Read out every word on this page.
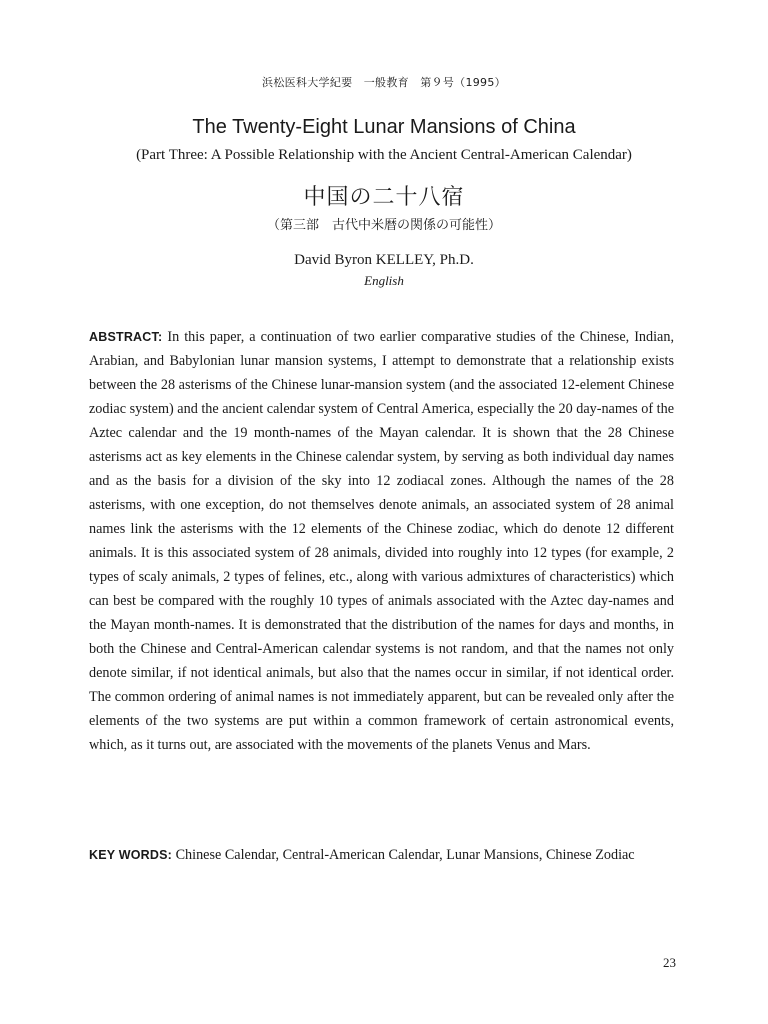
浜松医科大学紀要　一般教育　第９号（1995）
The Twenty-Eight Lunar Mansions of China
(Part Three: A Possible Relationship with the Ancient Central-American Calendar)
中国の二十八宿
（第三部　古代中米暦の関係の可能性）
David Byron KELLEY, Ph.D.
English

ABSTRACT: In this paper, a continuation of two earlier comparative studies of the Chinese, Indian, Arabian, and Babylonian lunar mansion systems, I attempt to demonstrate that a relationship exists between the 28 asterisms of the Chinese lunar-mansion system (and the associated 12-element Chinese zodiac system) and the ancient calendar system of Central America, especially the 20 day-names of the Aztec calendar and the 19 month-names of the Mayan calendar. It is shown that the 28 Chinese asterisms act as key elements in the Chinese calendar system, by serving as both individual day names and as the basis for a division of the sky into 12 zodiacal zones. Although the names of the 28 asterisms, with one exception, do not themselves denote animals, an associated system of 28 animal names link the asterisms with the 12 elements of the Chinese zodiac, which do denote 12 different animals. It is this associated system of 28 animals, divided into roughly into 12 types (for example, 2 types of scaly animals, 2 types of felines, etc., along with various admixtures of characteristics) which can best be compared with the roughly 10 types of animals associated with the Aztec day-names and the Mayan month-names. It is demonstrated that the distribution of the names for days and months, in both the Chinese and Central-American calendar systems is not random, and that the names not only denote similar, if not identical animals, but also that the names occur in similar, if not identical order. The common ordering of animal names is not immediately apparent, but can be revealed only after the elements of the two systems are put within a common framework of certain astronomical events, which, as it turns out, are associated with the movements of the planets Venus and Mars.

KEY WORDS: Chinese Calendar, Central-American Calendar, Lunar Mansions, Chinese Zodiac

23
